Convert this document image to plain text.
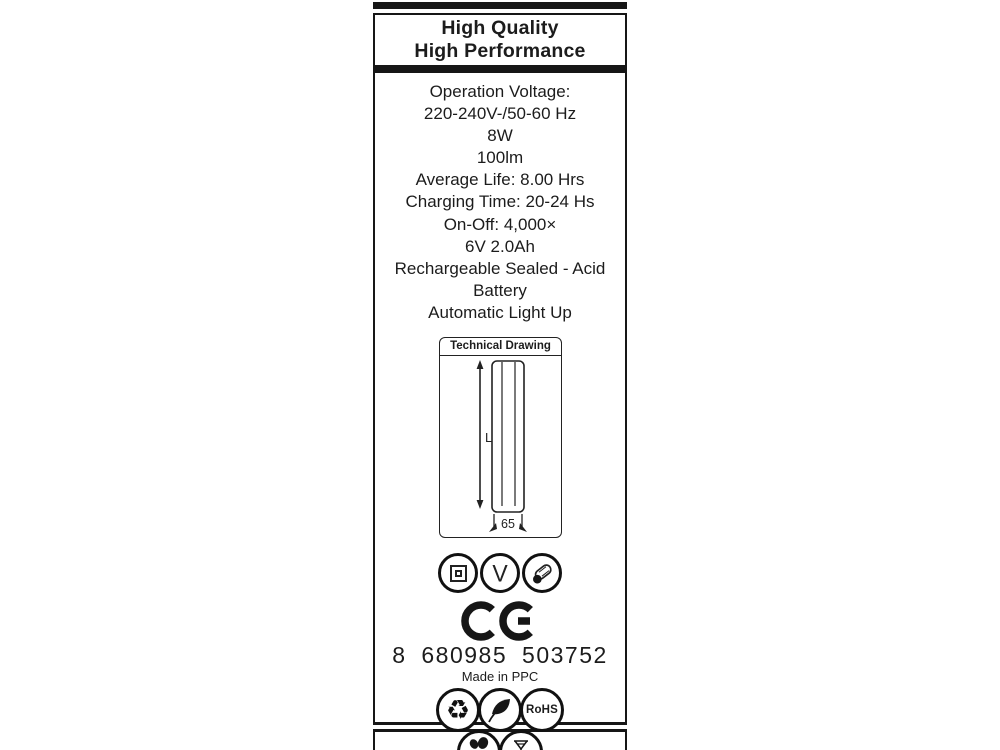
High Quality
High Performance
Operation Voltage:
220-240V-/50-60 Hz
8W
100lm
Average Life: 8.00 Hrs
Charging Time: 20-24 Hs
On-Off: 4,000×
6V 2.0Ah
Rechargeable Sealed - Acid
Battery
Automatic Light Up
Technical Drawing
L
65
V
8 680985 503752
Made in PPC
♻	RoHS
